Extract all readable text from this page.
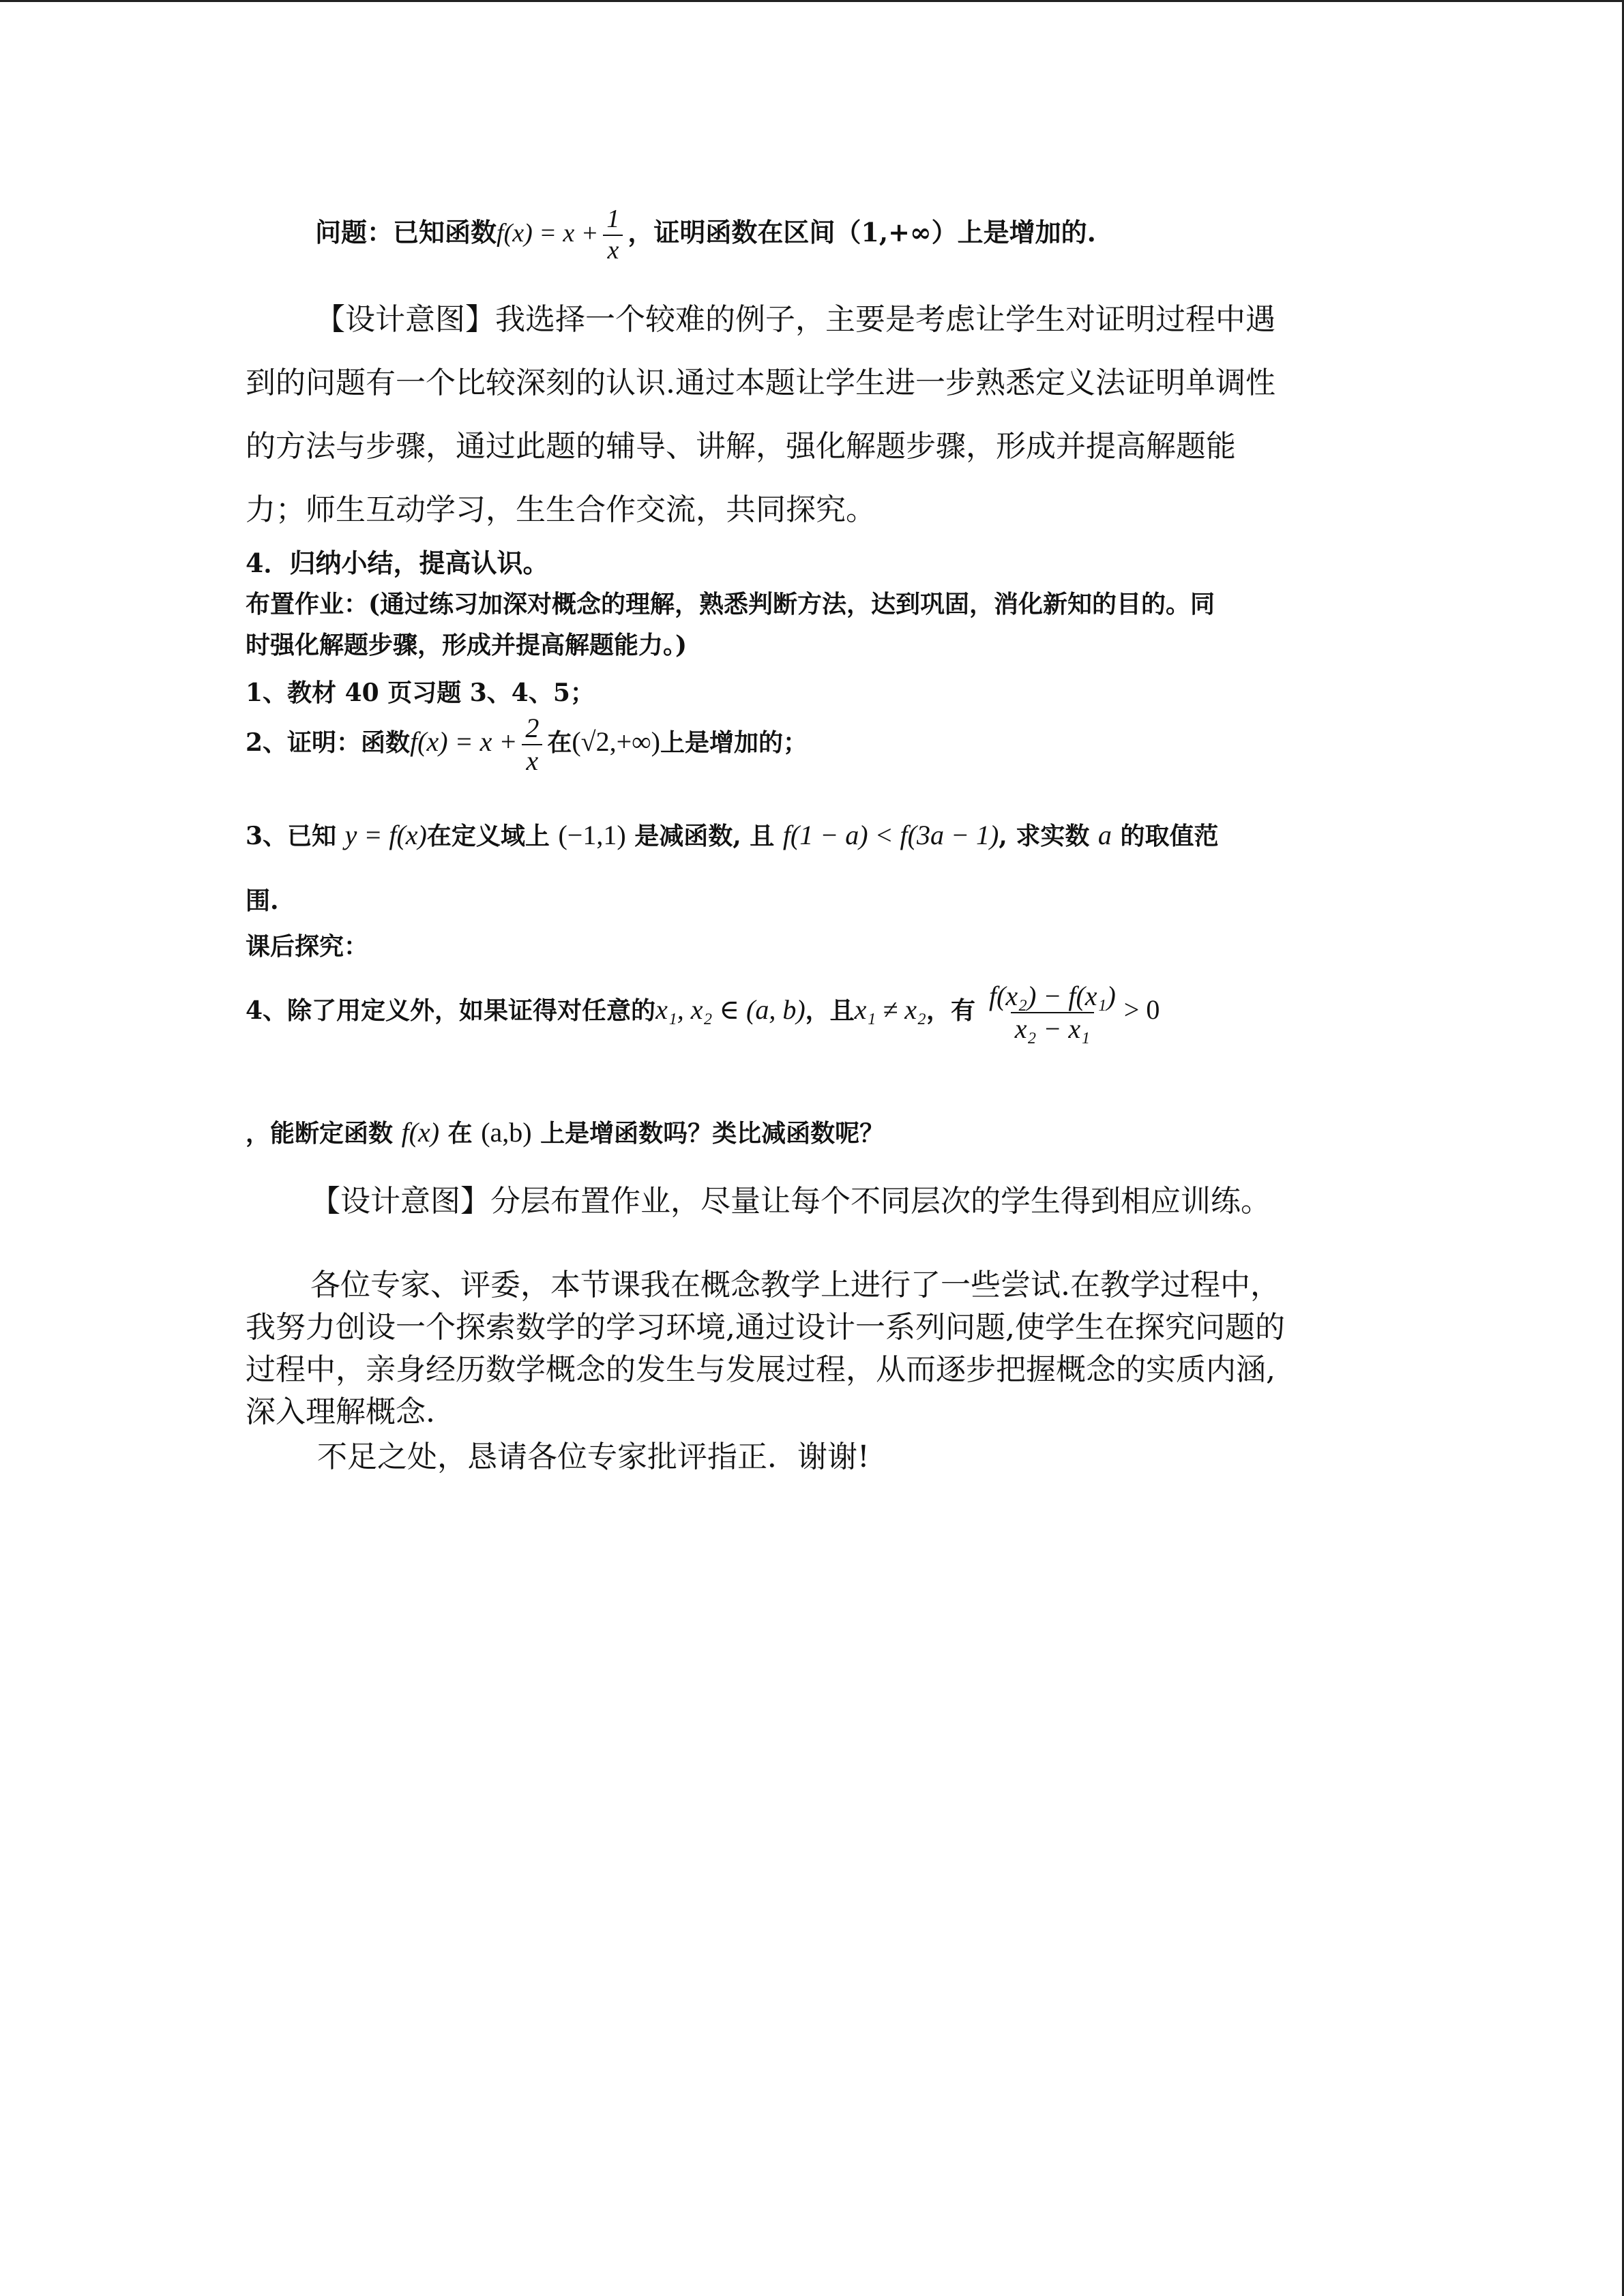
问题：已知函数$f(x) = x + \frac{1}{x}$ ，证明函数在区间（1,+∞）上是增加的.
【设计意图】我选择一个较难的例子，主要是考虑让学生对证明过程中遇
到的问题有一个比较深刻的认识.通过本题让学生进一步熟悉定义法证明单调性
的方法与步骤，通过此题的辅导、讲解，强化解题步骤，形成并提高解题能
力；师生互动学习，生生合作交流，共同探究。
4．归纳小结，提高认识。
布置作业：(通过练习加深对概念的理解，熟悉判断方法，达到巩固，消化新知的目的。同
时强化解题步骤，形成并提高解题能力。)
1、教材 40 页习题 3、4、5；
2、证明：函数$f(x) = x + \frac{2}{x}$ 在(√2,+∞)上是增加的；
3、已知 y = f(x)在定义域上 (−1,1) 是减函数, 且 f(1 − a) < f(3a − 1), 求实数 a 的取值范
围.
课后探究：
4、除了用定义外，如果证得对任意的x₁, x₂ ∈ (a, b)，且x₁ ≠ x₂，有 $\frac{\text{f(x₂) − f(x₁)}}{\text{x₂ − x₁}} > 0$
，能断定函数 f(x) 在 (a,b) 上是增函数吗？类比减函数呢？
【设计意图】分层布置作业，尽量让每个不同层次的学生得到相应训练。
各位专家、评委，本节课我在概念教学上进行了一些尝试.在教学过程中，
我努力创设一个探索数学的学习环境,通过设计一系列问题,使学生在探究问题的
过程中，亲身经历数学概念的发生与发展过程，从而逐步把握概念的实质内涵,
深入理解概念.
不足之处，恳请各位专家批评指正．谢谢!
